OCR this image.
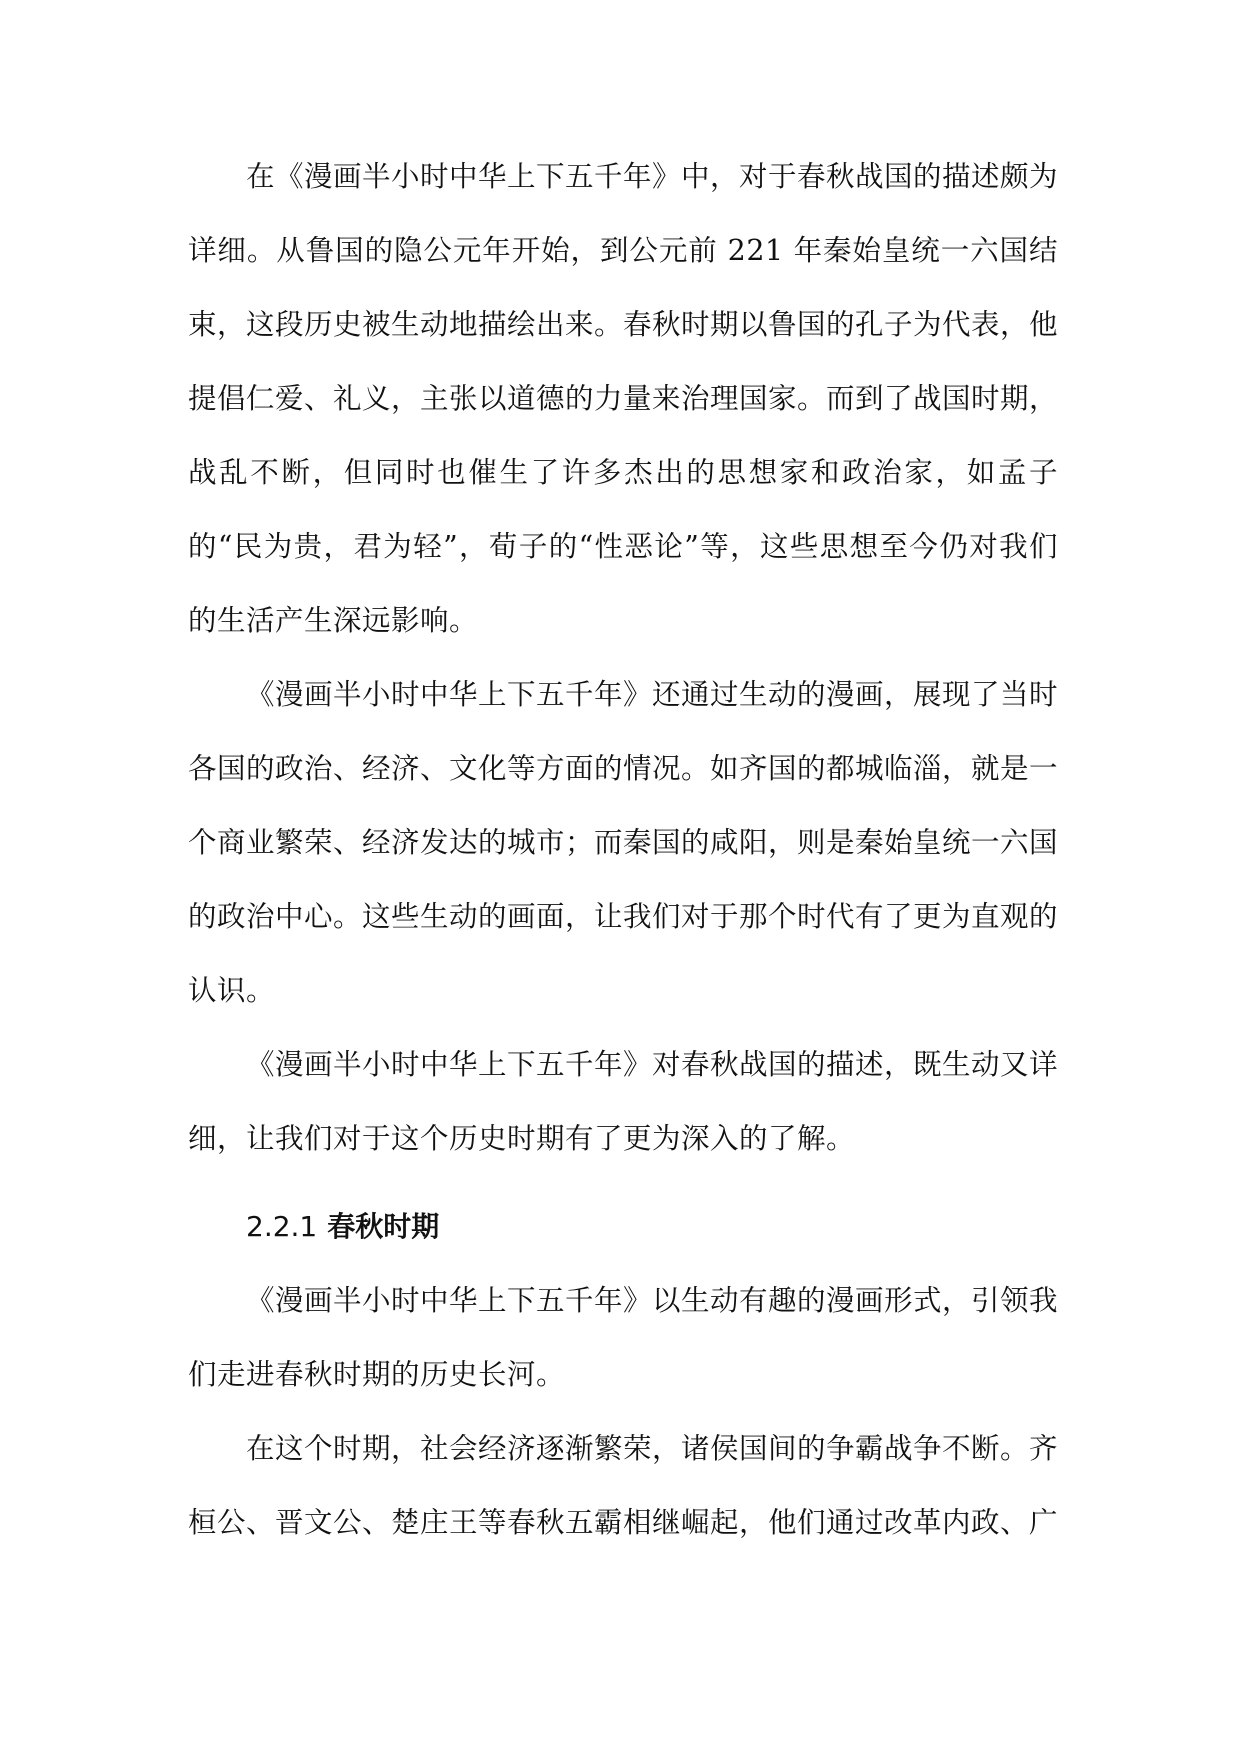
在《漫画半小时中华上下五千年》中，对于春秋战国的描述颇为详细。从鲁国的隐公元年开始，到公元前 221 年秦始皇统一六国结束，这段历史被生动地描绘出来。春秋时期以鲁国的孔子为代表，他提倡仁爱、礼义，主张以道德的力量来治理国家。而到了战国时期，战乱不断，但同时也催生了许多杰出的思想家和政治家，如孟子的“民为贵，君为轻”，荀子的“性恶论”等，这些思想至今仍对我们的生活产生深远影响。

《漫画半小时中华上下五千年》还通过生动的漫画，展现了当时各国的政治、经济、文化等方面的情况。如齐国的都城临淄，就是一个商业繁荣、经济发达的城市；而秦国的咸阳，则是秦始皇统一六国的政治中心。这些生动的画面，让我们对于那个时代有了更为直观的认识。

《漫画半小时中华上下五千年》对春秋战国的描述，既生动又详细，让我们对于这个历史时期有了更为深入的了解。

2.2.1 春秋时期

《漫画半小时中华上下五千年》以生动有趣的漫画形式，引领我们走进春秋时期的历史长河。

在这个时期，社会经济逐渐繁荣，诸侯国间的争霸战争不断。齐桓公、晋文公、楚庄王等春秋五霸相继崛起，他们通过改革内政、广
